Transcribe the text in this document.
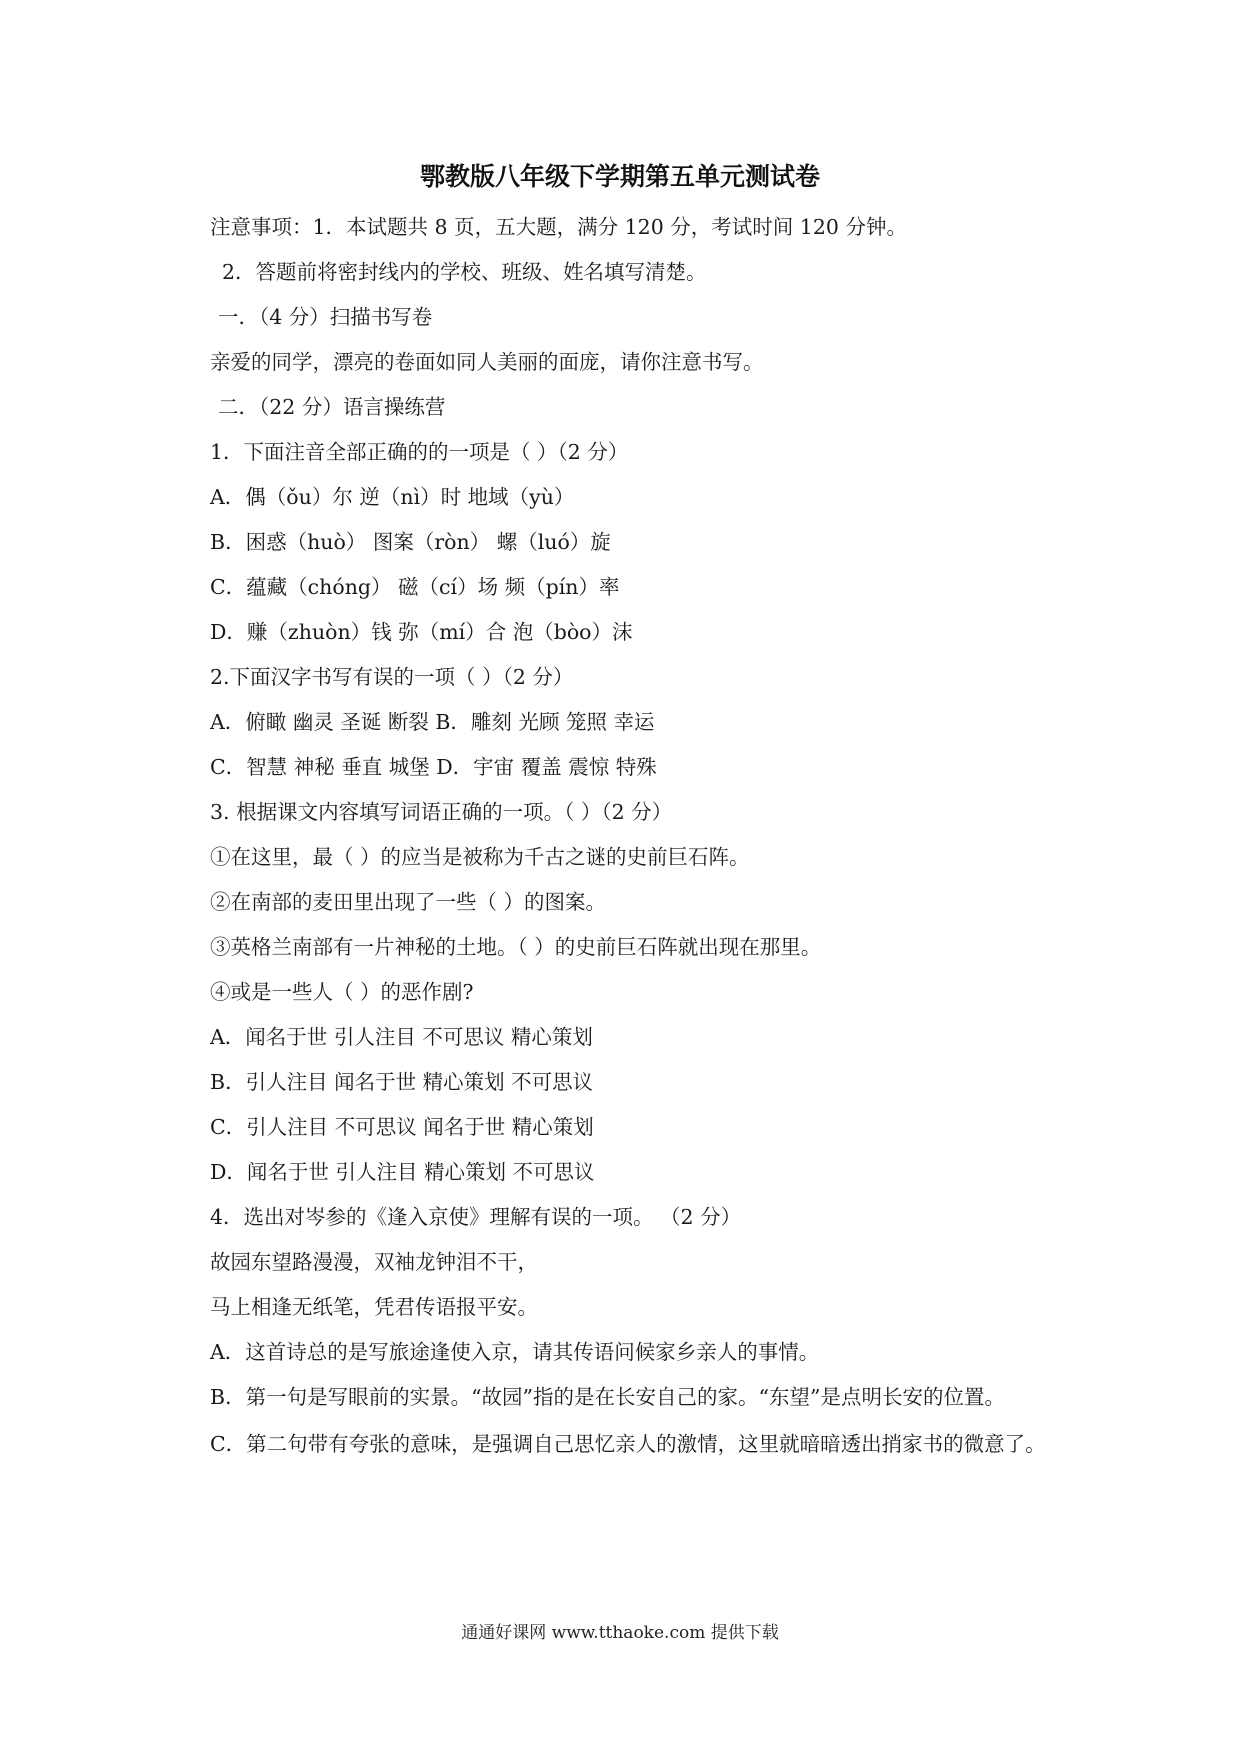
鄂教版八年级下学期第五单元测试卷
注意事项：1．本试题共 8 页，五大题，满分 120 分，考试时间 120 分钟。
2．答题前将密封线内的学校、班级、姓名填写清楚。
一．（4 分）扫描书写卷
亲爱的同学，漂亮的卷面如同人美丽的面庞，请你注意书写。
二．（22 分）语言操练营
1．下面注音全部正确的的一项是（ ）（2 分）
A．偶（ǒu）尔 逆（nì）时 地域（yù）
B．困惑（huò） 图案（ròn） 螺（luó）旋
C．蕴藏（chóng） 磁（cí）场 频（pín）率
D．赚（zhuòn）钱 弥（mí）合 泡（bòo）沫
2.下面汉字书写有误的一项（ ）（2 分）
A．俯瞰 幽灵 圣诞 断裂 B．雕刻 光顾 笼照 幸运
C．智慧 神秘 垂直 城堡 D．宇宙 覆盖 震惊 特殊
3. 根据课文内容填写词语正确的一项。（ ）（2 分）
①在这里，最（ ）的应当是被称为千古之谜的史前巨石阵。
②在南部的麦田里出现了一些（ ）的图案。
③英格兰南部有一片神秘的土地。（ ）的史前巨石阵就出现在那里。
④或是一些人（ ）的恶作剧?
A．闻名于世 引人注目 不可思议 精心策划
B．引人注目 闻名于世 精心策划 不可思议
C．引人注目 不可思议 闻名于世 精心策划
D．闻名于世 引人注目 精心策划 不可思议
4．选出对岑参的《逢入京使》理解有误的一项。 （2 分）
故园东望路漫漫，双袖龙钟泪不干，
马上相逢无纸笔，凭君传语报平安。
A．这首诗总的是写旅途逢使入京，请其传语问候家乡亲人的事情。
B．第一句是写眼前的实景。“故园”指的是在长安自己的家。“东望”是点明长安的位置。
C．第二句带有夸张的意味，是强调自己思忆亲人的激情，这里就暗暗透出捎家书的微意了。
通通好课网 www.tthaoke.com 提供下载
